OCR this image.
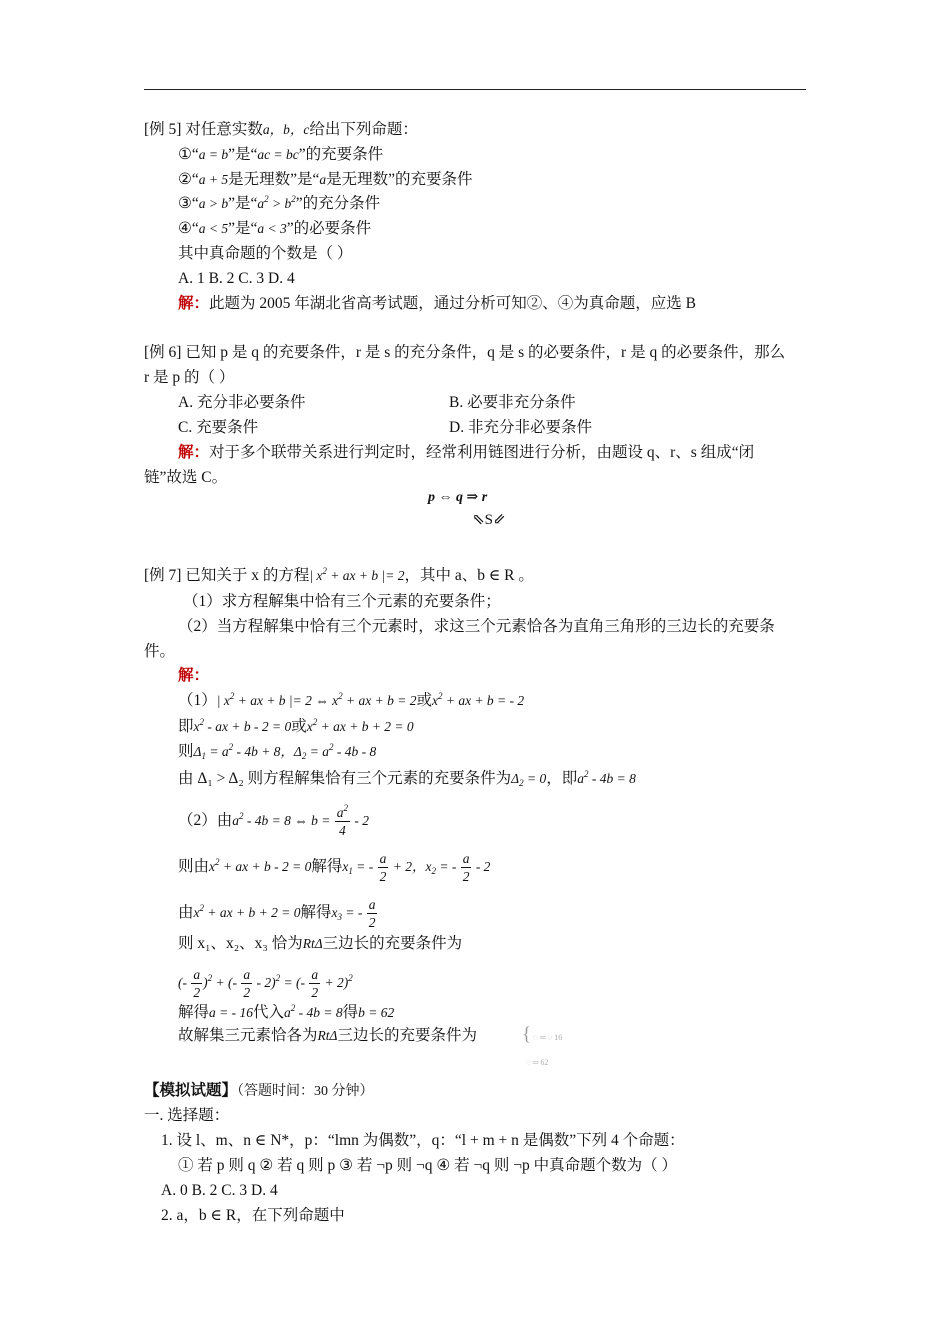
[例 5] 对任意实数a，b，c给出下列命题：
①“a = b”是“ac = bc”的充要条件
②“a + 5是无理数”是“a是无理数”的充要条件
③“a > b”是“$a^2 > b^2$”的充分条件
④“a < 5”是“a < 3”的必要条件
其中真命题的个数是（ ）
A. 1 B. 2 C. 3 D. 4
解：此题为 2005 年湖北省高考试题，通过分析可知②、④为真命题，应选 B
[例 6] 已知 p 是 q 的充要条件，r 是 s 的充分条件，q 是 s 的必要条件，r 是 q 的必要条件，那么
r 是 p 的（ ）
A. 充分非必要条件	B. 必要非充分条件
C. 充要条件	D. 非充分非必要条件
解：对于多个联带关系进行判定时，经常利用链图进行分析，由题设 q、r、s 组成“闭
链”故选 C。
p ⇔ q ⇒ r
⇖S⇙
[例 7] 已知关于 x 的方程| $x^2$ + ax + b |= 2，其中 a、b ∈ R 。
（1）求方程解集中恰有三个元素的充要条件；
（2）当方程解集中恰有三个元素时，求这三个元素恰各为直角三角形的三边长的充要条
件。
解：
（1）| $x^2$ + ax + b |= 2 ⇔ $x^2$ + ax + b = 2或$x^2$ + ax + b = - 2
即$x^2$ - ax + b - 2 = 0或$x^2$ + ax + b + 2 = 0
则$\Delta_1 = a^2 - 4b + 8$，$\Delta_2 = a^2 - 4b - 8$
由 Δ₁ > Δ₂ 则方程解集恰有三个元素的充要条件为$\Delta_2 = 0$，即$a^2 - 4b = 8$
（2）由$a^2 - 4b = 8$ ⇔ $b = \frac{a^2}{4} - 2$
则由$x^2$ + ax + b - 2 = 0解得$x_1$ = - $\frac{a}{2} + 2$，$x_2$ = - $\frac{a}{2} - 2$
由$x^2$ + ax + b + 2 = 0解得$x_3$ = - $\frac{a}{2}$
则 x₁、x₂、x₃ 恰为RtΔ三边长的充要条件为
(- $\frac{a}{2} )^2$ + (- $\frac{a}{2} - 2)^2$ = (- $\frac{a}{2} + 2)^2$
解得a = - 16代入$a^2 - 4b = 8$得b = 62
故解集三元素恰各为RtΔ三边长的充要条件为 { ◌ ═ ◌ 16
◌ ═ 62
【模拟试题】（答题时间：30 分钟）
一. 选择题：
1. 设 l、m、n ∈ N*，p：“lmn 为偶数”，q：“l + m + n 是偶数”下列 4 个命题：
① 若 p 则 q ② 若 q 则 p ③ 若 ¬p 则 ¬q ④ 若 ¬q 则 ¬p 中真命题个数为（ ）
A. 0 B. 2 C. 3 D. 4
2. a，b ∈ R，在下列命题中
